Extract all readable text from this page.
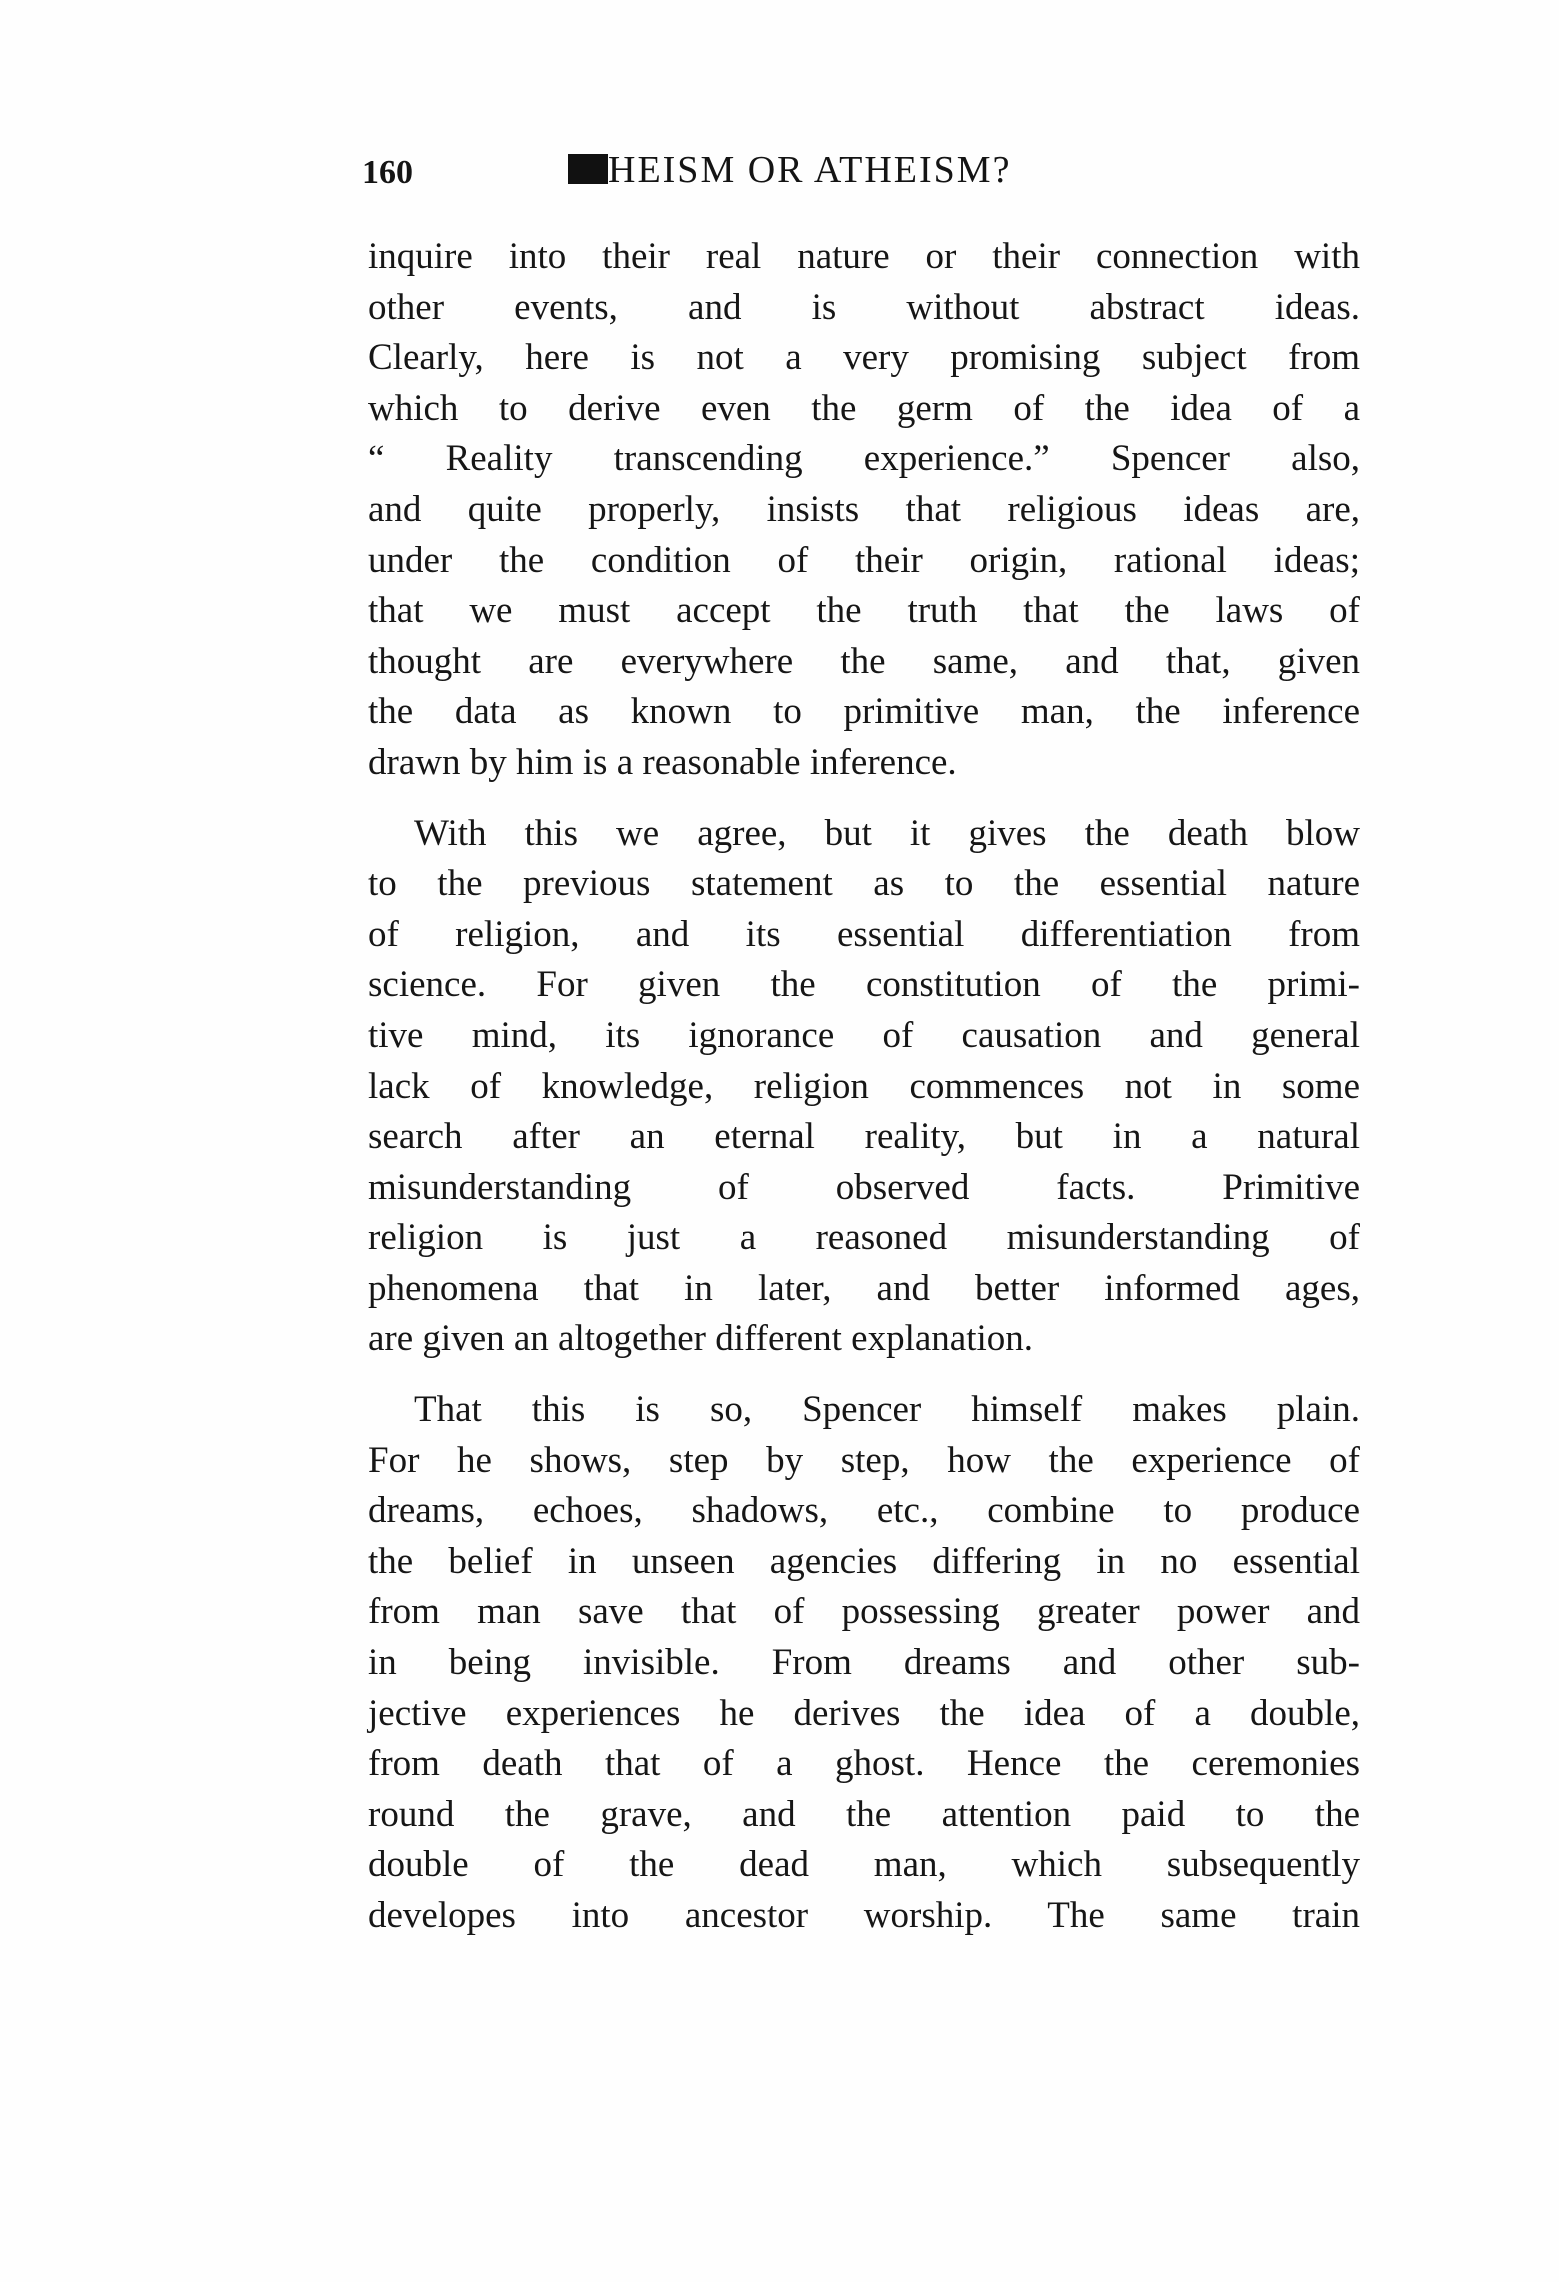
160	HEISM OR ATHEISM?

inquire into their real nature or their connection with
other events, and is without abstract ideas.
Clearly, here is not a very promising subject from
which to derive even the germ of the idea of a
“ Reality transcending experience.” Spencer also,
and quite properly, insists that religious ideas are,
under the condition of their origin, rational ideas;
that we must accept the truth that the laws of
thought are everywhere the same, and that, given
the data as known to primitive man, the inference
drawn by him is a reasonable inference.

With this we agree, but it gives the death blow
to the previous statement as to the essential nature
of religion, and its essential differentiation from
science. For given the constitution of the primi-
tive mind, its ignorance of causation and general
lack of knowledge, religion commences not in some
search after an eternal reality, but in a natural
misunderstanding of observed facts. Primitive
religion is just a reasoned misunderstanding of
phenomena that in later, and better informed ages,
are given an altogether different explanation.

That this is so, Spencer himself makes plain.
For he shows, step by step, how the experience of
dreams, echoes, shadows, etc., combine to produce
the belief in unseen agencies differing in no essential
from man save that of possessing greater power and
in being invisible. From dreams and other sub-
jective experiences he derives the idea of a double,
from death that of a ghost. Hence the ceremonies
round the grave, and the attention paid to the
double of the dead man, which subsequently
developes into ancestor worship. The same train
